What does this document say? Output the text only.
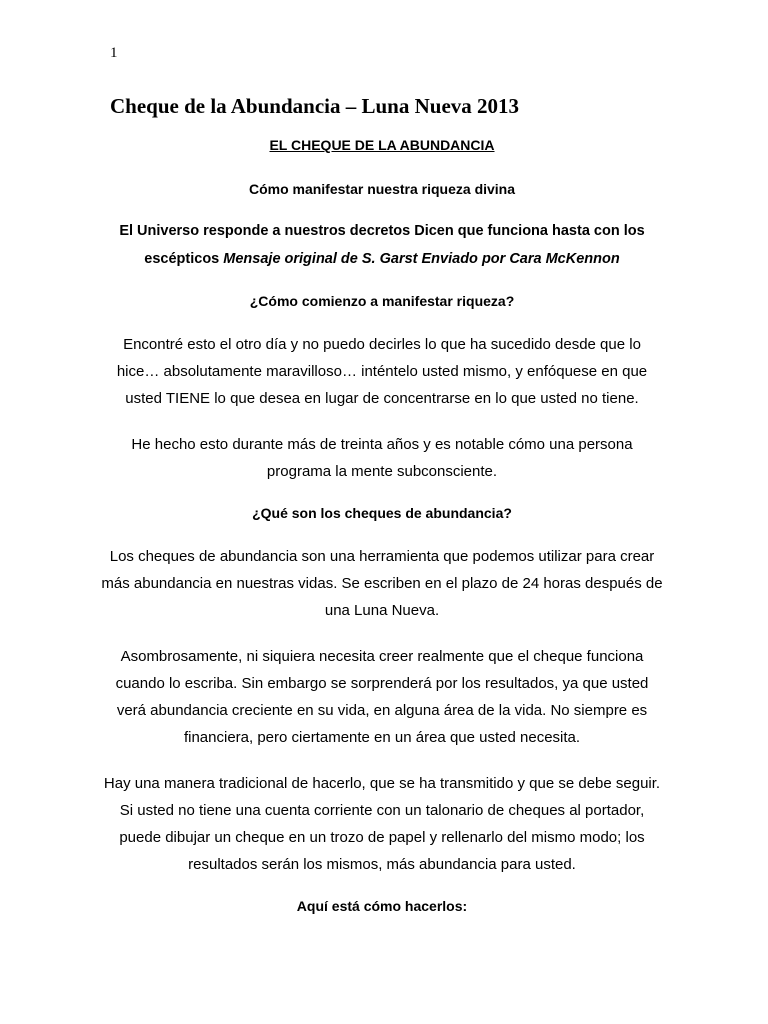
1
Cheque de la Abundancia – Luna Nueva 2013

EL CHEQUE DE LA ABUNDANCIA

Cómo manifestar nuestra riqueza divina

El Universo responde a nuestros decretos Dicen que funciona hasta con los escépticos Mensaje original de S. Garst Enviado por Cara McKennon

¿Cómo comienzo a manifestar riqueza?

Encontré esto el otro día y no puedo decirles lo que ha sucedido desde que lo hice… absolutamente maravilloso… inténtelo usted mismo, y enfóquese en que usted TIENE lo que desea en lugar de concentrarse en lo que usted no tiene.

He hecho esto durante más de treinta años y es notable cómo una persona programa la mente subconsciente.

¿Qué son los cheques de abundancia?

Los cheques de abundancia son una herramienta que podemos utilizar para crear más abundancia en nuestras vidas. Se escriben en el plazo de 24 horas después de una Luna Nueva.

Asombrosamente, ni siquiera necesita creer realmente que el cheque funciona cuando lo escriba. Sin embargo se sorprenderá por los resultados, ya que usted verá abundancia creciente en su vida, en alguna área de la vida. No siempre es financiera, pero ciertamente en un área que usted necesita.

Hay una manera tradicional de hacerlo, que se ha transmitido y que se debe seguir. Si usted no tiene una cuenta corriente con un talonario de cheques al portador, puede dibujar un cheque en un trozo de papel y rellenarlo del mismo modo; los resultados serán los mismos, más abundancia para usted.

Aquí está cómo hacerlos:
